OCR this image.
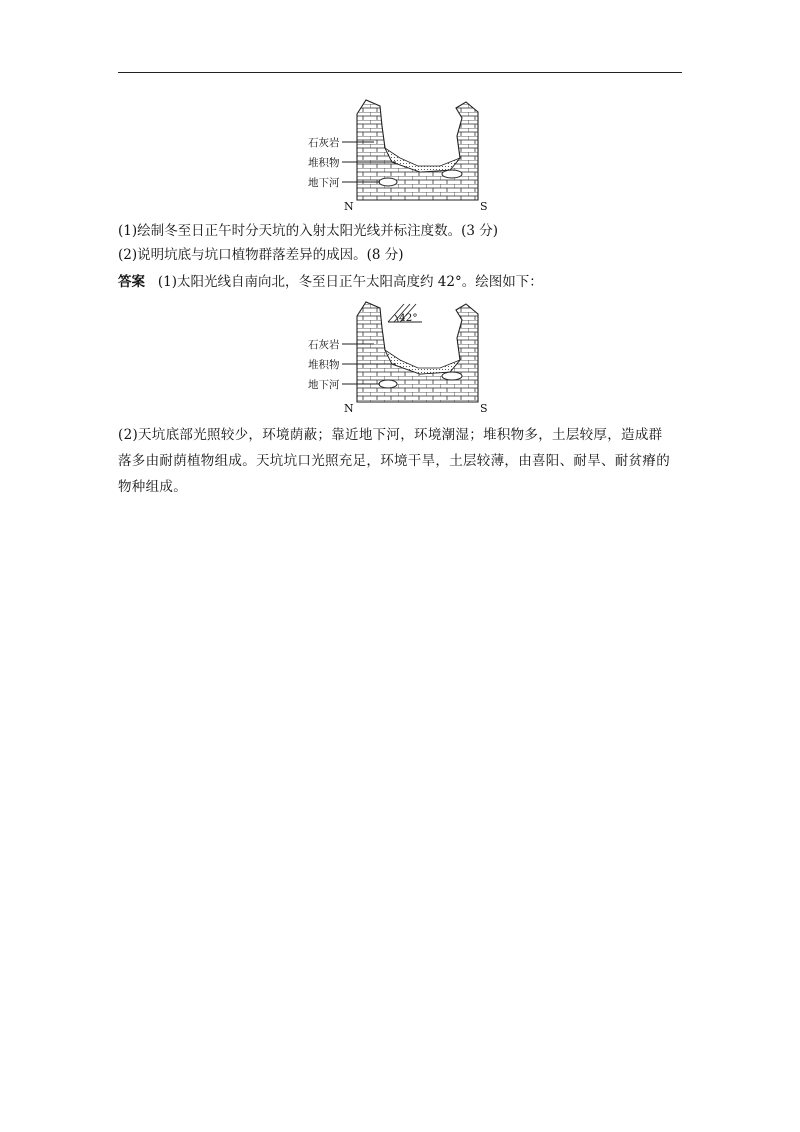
石灰岩
堆积物
地下河
N	S
(1)绘制冬至日正午时分天坑的入射太阳光线并标注度数。(3 分)
(2)说明坑底与坑口植物群落差异的成因。(8 分)
答案 (1)太阳光线自南向北，冬至日正午太阳高度约 42°。绘图如下：
42°
石灰岩
堆积物
地下河
N	S

(2)天坑底部光照较少，环境荫蔽；靠近地下河，环境潮湿；堆积物多，土层较厚，造成群

落多由耐荫植物组成。天坑坑口光照充足，环境干旱，土层较薄，由喜阳、耐旱、耐贫瘠的

物种组成。
